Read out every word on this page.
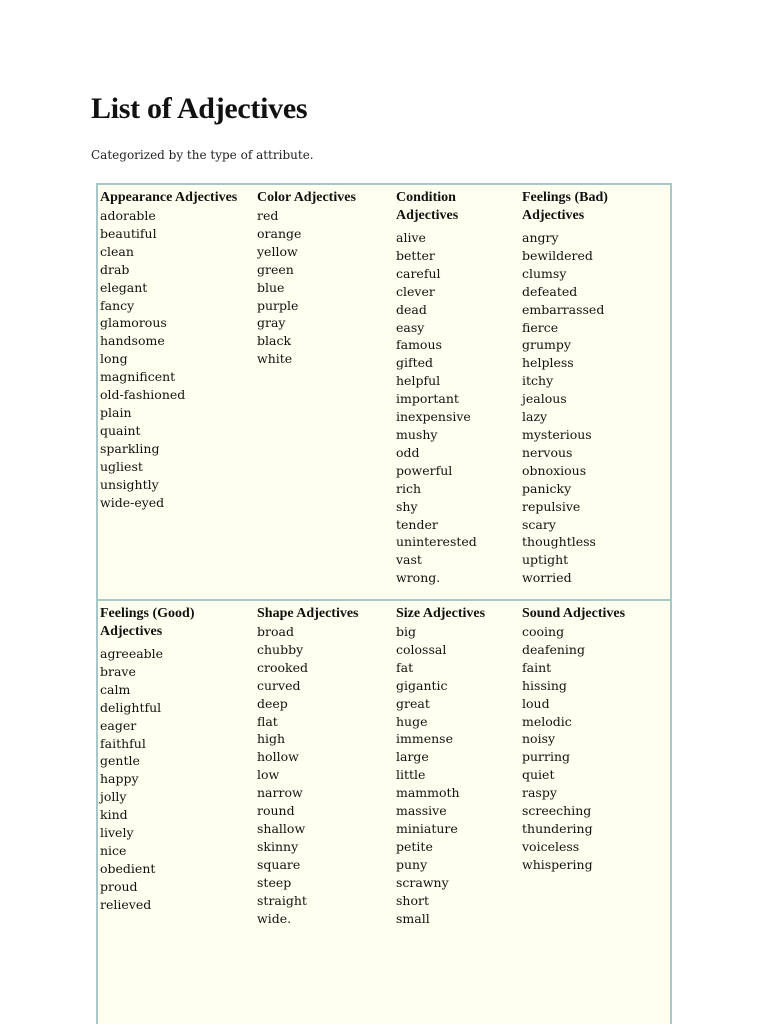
List of Adjectives

Categorized by the type of attribute.

Appearance Adjectives
adorable
beautiful
clean
drab
elegant
fancy
glamorous
handsome
long
magnificent
old-fashioned
plain
quaint
sparkling
ugliest
unsightly
wide-eyed
Color Adjectives
red
orange
yellow
green
blue
purple
gray
black
white
Condition
Adjectives
alive
better
careful
clever
dead
easy
famous
gifted
helpful
important
inexpensive
mushy
odd
powerful
rich
shy
tender
uninterested
vast
wrong.
Feelings (Bad)
Adjectives
angry
bewildered
clumsy
defeated
embarrassed
fierce
grumpy
helpless
itchy
jealous
lazy
mysterious
nervous
obnoxious
panicky
repulsive
scary
thoughtless
uptight
worried
Feelings (Good)
Adjectives
agreeable
brave
calm
delightful
eager
faithful
gentle
happy
jolly
kind
lively
nice
obedient
proud
relieved
Shape Adjectives
broad
chubby
crooked
curved
deep
flat
high
hollow
low
narrow
round
shallow
skinny
square
steep
straight
wide.
Size Adjectives
big
colossal
fat
gigantic
great
huge
immense
large
little
mammoth
massive
miniature
petite
puny
scrawny
short
small
Sound Adjectives
cooing
deafening
faint
hissing
loud
melodic
noisy
purring
quiet
raspy
screeching
thundering
voiceless
whispering
